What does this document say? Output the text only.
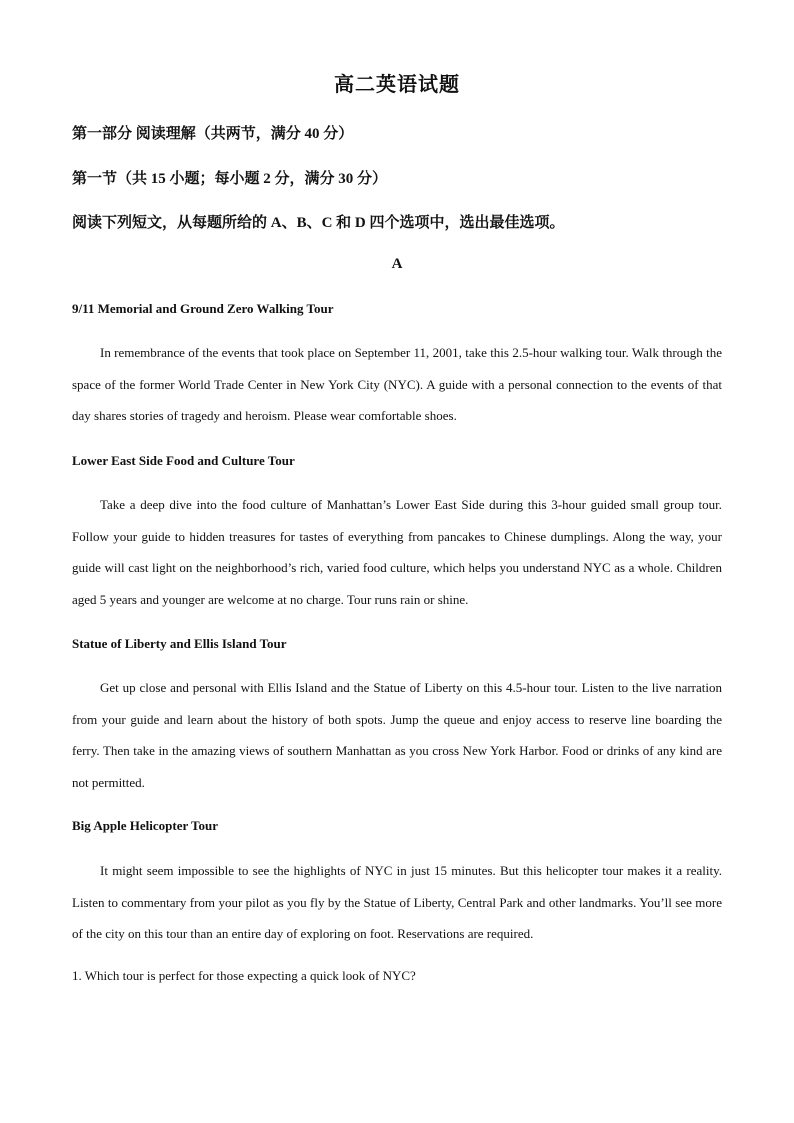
高二英语试题
第一部分 阅读理解（共两节，满分 40 分）
第一节（共 15 小题；每小题 2 分，满分 30 分）
阅读下列短文，从每题所给的 A、B、C 和 D 四个选项中，选出最佳选项。
A
9/11 Memorial and Ground Zero Walking Tour
In remembrance of the events that took place on September 11, 2001, take this 2.5-hour walking tour. Walk through the space of the former World Trade Center in New York City (NYC). A guide with a personal connection to the events of that day shares stories of tragedy and heroism. Please wear comfortable shoes.
Lower East Side Food and Culture Tour
Take a deep dive into the food culture of Manhattan’s Lower East Side during this 3-hour guided small group tour. Follow your guide to hidden treasures for tastes of everything from pancakes to Chinese dumplings. Along the way, your guide will cast light on the neighborhood’s rich, varied food culture, which helps you understand NYC as a whole. Children aged 5 years and younger are welcome at no charge. Tour runs rain or shine.
Statue of Liberty and Ellis Island Tour
Get up close and personal with Ellis Island and the Statue of Liberty on this 4.5-hour tour. Listen to the live narration from your guide and learn about the history of both spots. Jump the queue and enjoy access to reserve line boarding the ferry. Then take in the amazing views of southern Manhattan as you cross New York Harbor. Food or drinks of any kind are not permitted.
Big Apple Helicopter Tour
It might seem impossible to see the highlights of NYC in just 15 minutes. But this helicopter tour makes it a reality. Listen to commentary from your pilot as you fly by the Statue of Liberty, Central Park and other landmarks. You’ll see more of the city on this tour than an entire day of exploring on foot. Reservations are required.
1. Which tour is perfect for those expecting a quick look of NYC?
